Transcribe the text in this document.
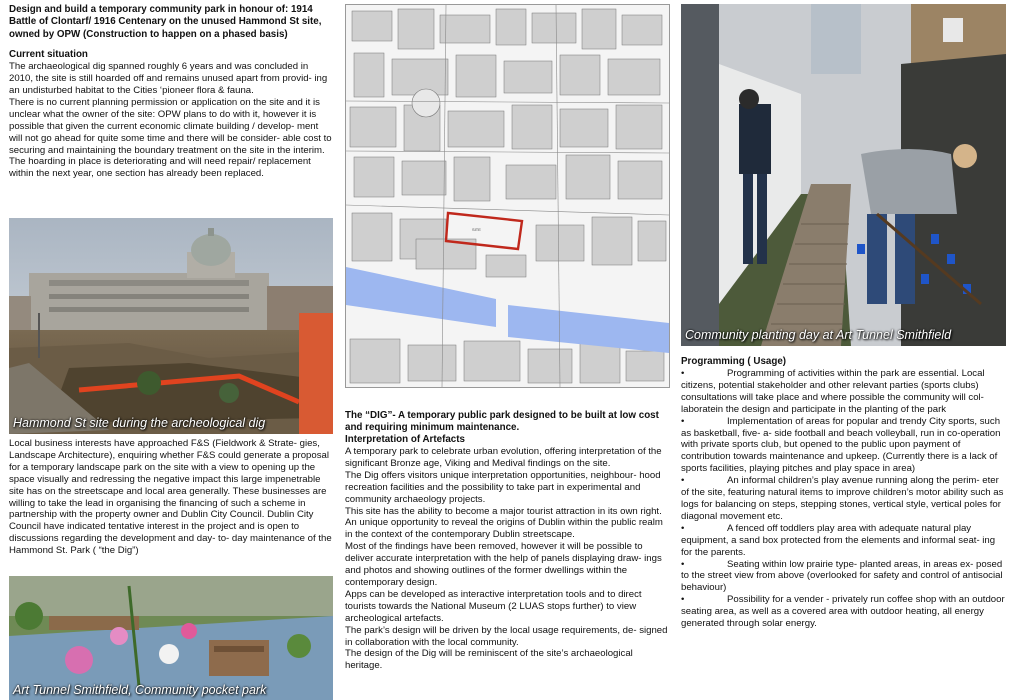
Design and build a temporary community park in honour of: 1914 Battle of Clontarf/ 1916 Centenary on the unused Hammond St site, owned by OPW (Construction to happen on a phased basis)

Current situation

The archaeological dig spanned roughly 6 years and was concluded in 2010, the site is still hoarded off and remains unused apart from provid- ing an undisturbed habitat to the Cities ‘pioneer flora & fauna.

There is no current planning permission or application on the site and it is unclear what the owner of the site: OPW plans to do with it, however it is possible that given the current economic climate building / develop- ment will not go ahead for quite some time and there will be consider- able cost to securing and maintaining the boundary treatment on the site in the interim. The hoarding in place is deteriorating and will need repair/ replacement within the next year, one section has already been replaced.

Hammond St site during the archeological dig

Local business interests have approached F&S (Fieldwork & Strate- gies, Landscape Architecture), enquiring whether F&S could generate a proposal for a temporary landscape park on the site with a view to opening up the space visually and redressing the negative impact this large impenetrable site has on the streetscape and local area generally. These businesses are willing to take the lead in organising the financing of such a scheme in partnership with the property owner and Dublin City Council. Dublin City Council have indicated tentative interest in the project and is open to discussions regarding the development and day- to- day maintenance of the Hammond St. Park ( “the Dig”)

Art Tunnel Smithfield, Community pocket park
SITE

The “DIG”- A temporary public park designed to be built at low cost and requiring minimum maintenance.

Interpretation of Artefacts

A temporary park to celebrate urban evolution, offering interpretation of the significant Bronze age, Viking and Medival findings on the site.

The Dig offers visitors unique interpretation opportunities, neighbour- hood recreation facilities and the possibility to take part in experimental and community archaeology projects.

This site has the ability to become a major tourist attraction in its own right. An unique opportunity to reveal the origins of Dublin within the public realm in the context of the contemporary Dublin streetscape.

Most of the findings have been removed, however it will be possible to deliver accurate interpretation with the help of panels displaying draw- ings and photos and showing outlines of the former dwellings within the contemporary design.

Apps can be developed as interactive interpretation tools and to direct tourists towards the National Museum (2 LUAS stops further) to view archeological artefacts.

The park’s design will be driven by the local usage requirements, de- signed in collaboration with the local community.

The design of the Dig will be reminiscent of the site’s archaeological heritage.

Community planting day at Art Tunnel Smithfield

Programming ( Usage)

•	Programming of activities within the park are essential. Local citizens, potential stakeholder and other relevant parties (sports clubs) consultations will take place and where possible the community will col- laboratein the design and participate in the planting of the park

•	Implementation of areas for popular and trendy City sports, such as basketball, five- a- side football and beach volleyball, run in co-operation with private sports club, but opened to the public upon payment of contribution towards maintenance and upkeep. (Currently there is a lack of sports facilities, playing pitches and play space in area)

•	An informal children’s play avenue running along the perim- eter of the site, featuring natural items to improve children’s motor ability such as logs for balancing on steps, stepping stones, vertical style, vertical poles for diagonal movement etc.

•	A fenced off toddlers play area with adequate natural play equipment, a sand box protected from the elements and informal seat- ing for the parents.

•	Seating within low prairie type- planted areas, in areas ex- posed to the street view from above (overlooked for safety and control of antisocial behaviour)

•	Possibility for a vender - privately run coffee shop with an outdoor seating area, as well as a covered area with outdoor heating, all energy generated through solar energy.
